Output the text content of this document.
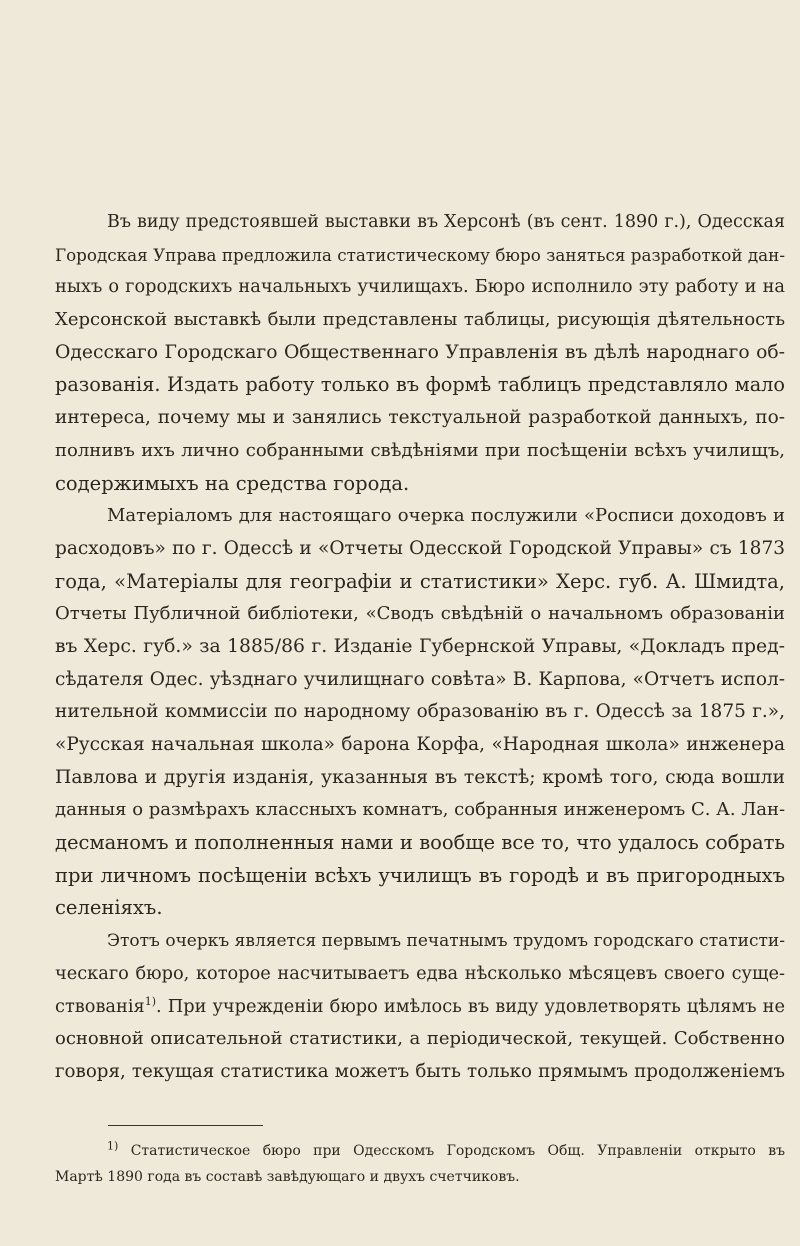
Въ виду предстоявшей выставки въ Херсонѣ (въ сент. 1890 г.), Одесская
Городская Управа предложила статистическому бюро заняться разработкой дан-
ныхъ о городскихъ начальныхъ училищахъ. Бюро исполнило эту работу и на
Херсонской выставкѣ были представлены таблицы, рисующія дѣятельность
Одесскаго Городскаго Общественнаго Управленія въ дѣлѣ народнаго об-
разованія. Издать работу только въ формѣ таблицъ представляло мало
интереса, почему мы и занялись текстуальной разработкой данныхъ, по-
полнивъ ихъ лично собранными свѣдѣніями при посѣщеніи всѣхъ училищъ,
содержимыхъ на средства города.
Матеріаломъ для настоящаго очерка послужили «Росписи доходовъ и
расходовъ» по г. Одессѣ и «Отчеты Одесской Городской Управы» съ 1873
года, «Матеріалы для географіи и статистики» Херс. губ. А. Шмидта,
Отчеты Публичной библіотеки, «Сводъ свѣдѣній о начальномъ образованіи
въ Херс. губ.» за 1885/86 г. Изданіе Губернской Управы, «Докладъ пред-
сѣдателя Одес. уѣзднаго училищнаго совѣта» В. Карпова, «Отчетъ испол-
нительной коммиссіи по народному образованію въ г. Одессѣ за 1875 г.»,
«Русская начальная школа» барона Корфа, «Народная школа» инженера
Павлова и другія изданія, указанныя въ текстѣ; кромѣ того, сюда вошли
данныя о размѣрахъ классныхъ комнатъ, собранныя инженеромъ С. А. Лан-
десманомъ и пополненныя нами и вообще все то, что удалось собрать
при личномъ посѣщеніи всѣхъ училищъ въ городѣ и въ пригородныхъ
селеніяхъ.
Этотъ очеркъ является первымъ печатнымъ трудомъ городскаго статисти-
ческаго бюро, которое насчитываетъ едва нѣсколько мѣсяцевъ своего суще-
ствованія$^{1)}$. При учрежденіи бюро имѣлось въ виду удовлетворять цѣлямъ не
основной описательной статистики, а періодической, текущей. Собственно
говоря, текущая статистика можетъ быть только прямымъ продолженіемъ
$^{1)}$ Статистическое бюро при Одесскомъ Городскомъ Общ. Управленіи открыто въ
Мартѣ 1890 года въ составѣ завѣдующаго и двухъ счетчиковъ.
